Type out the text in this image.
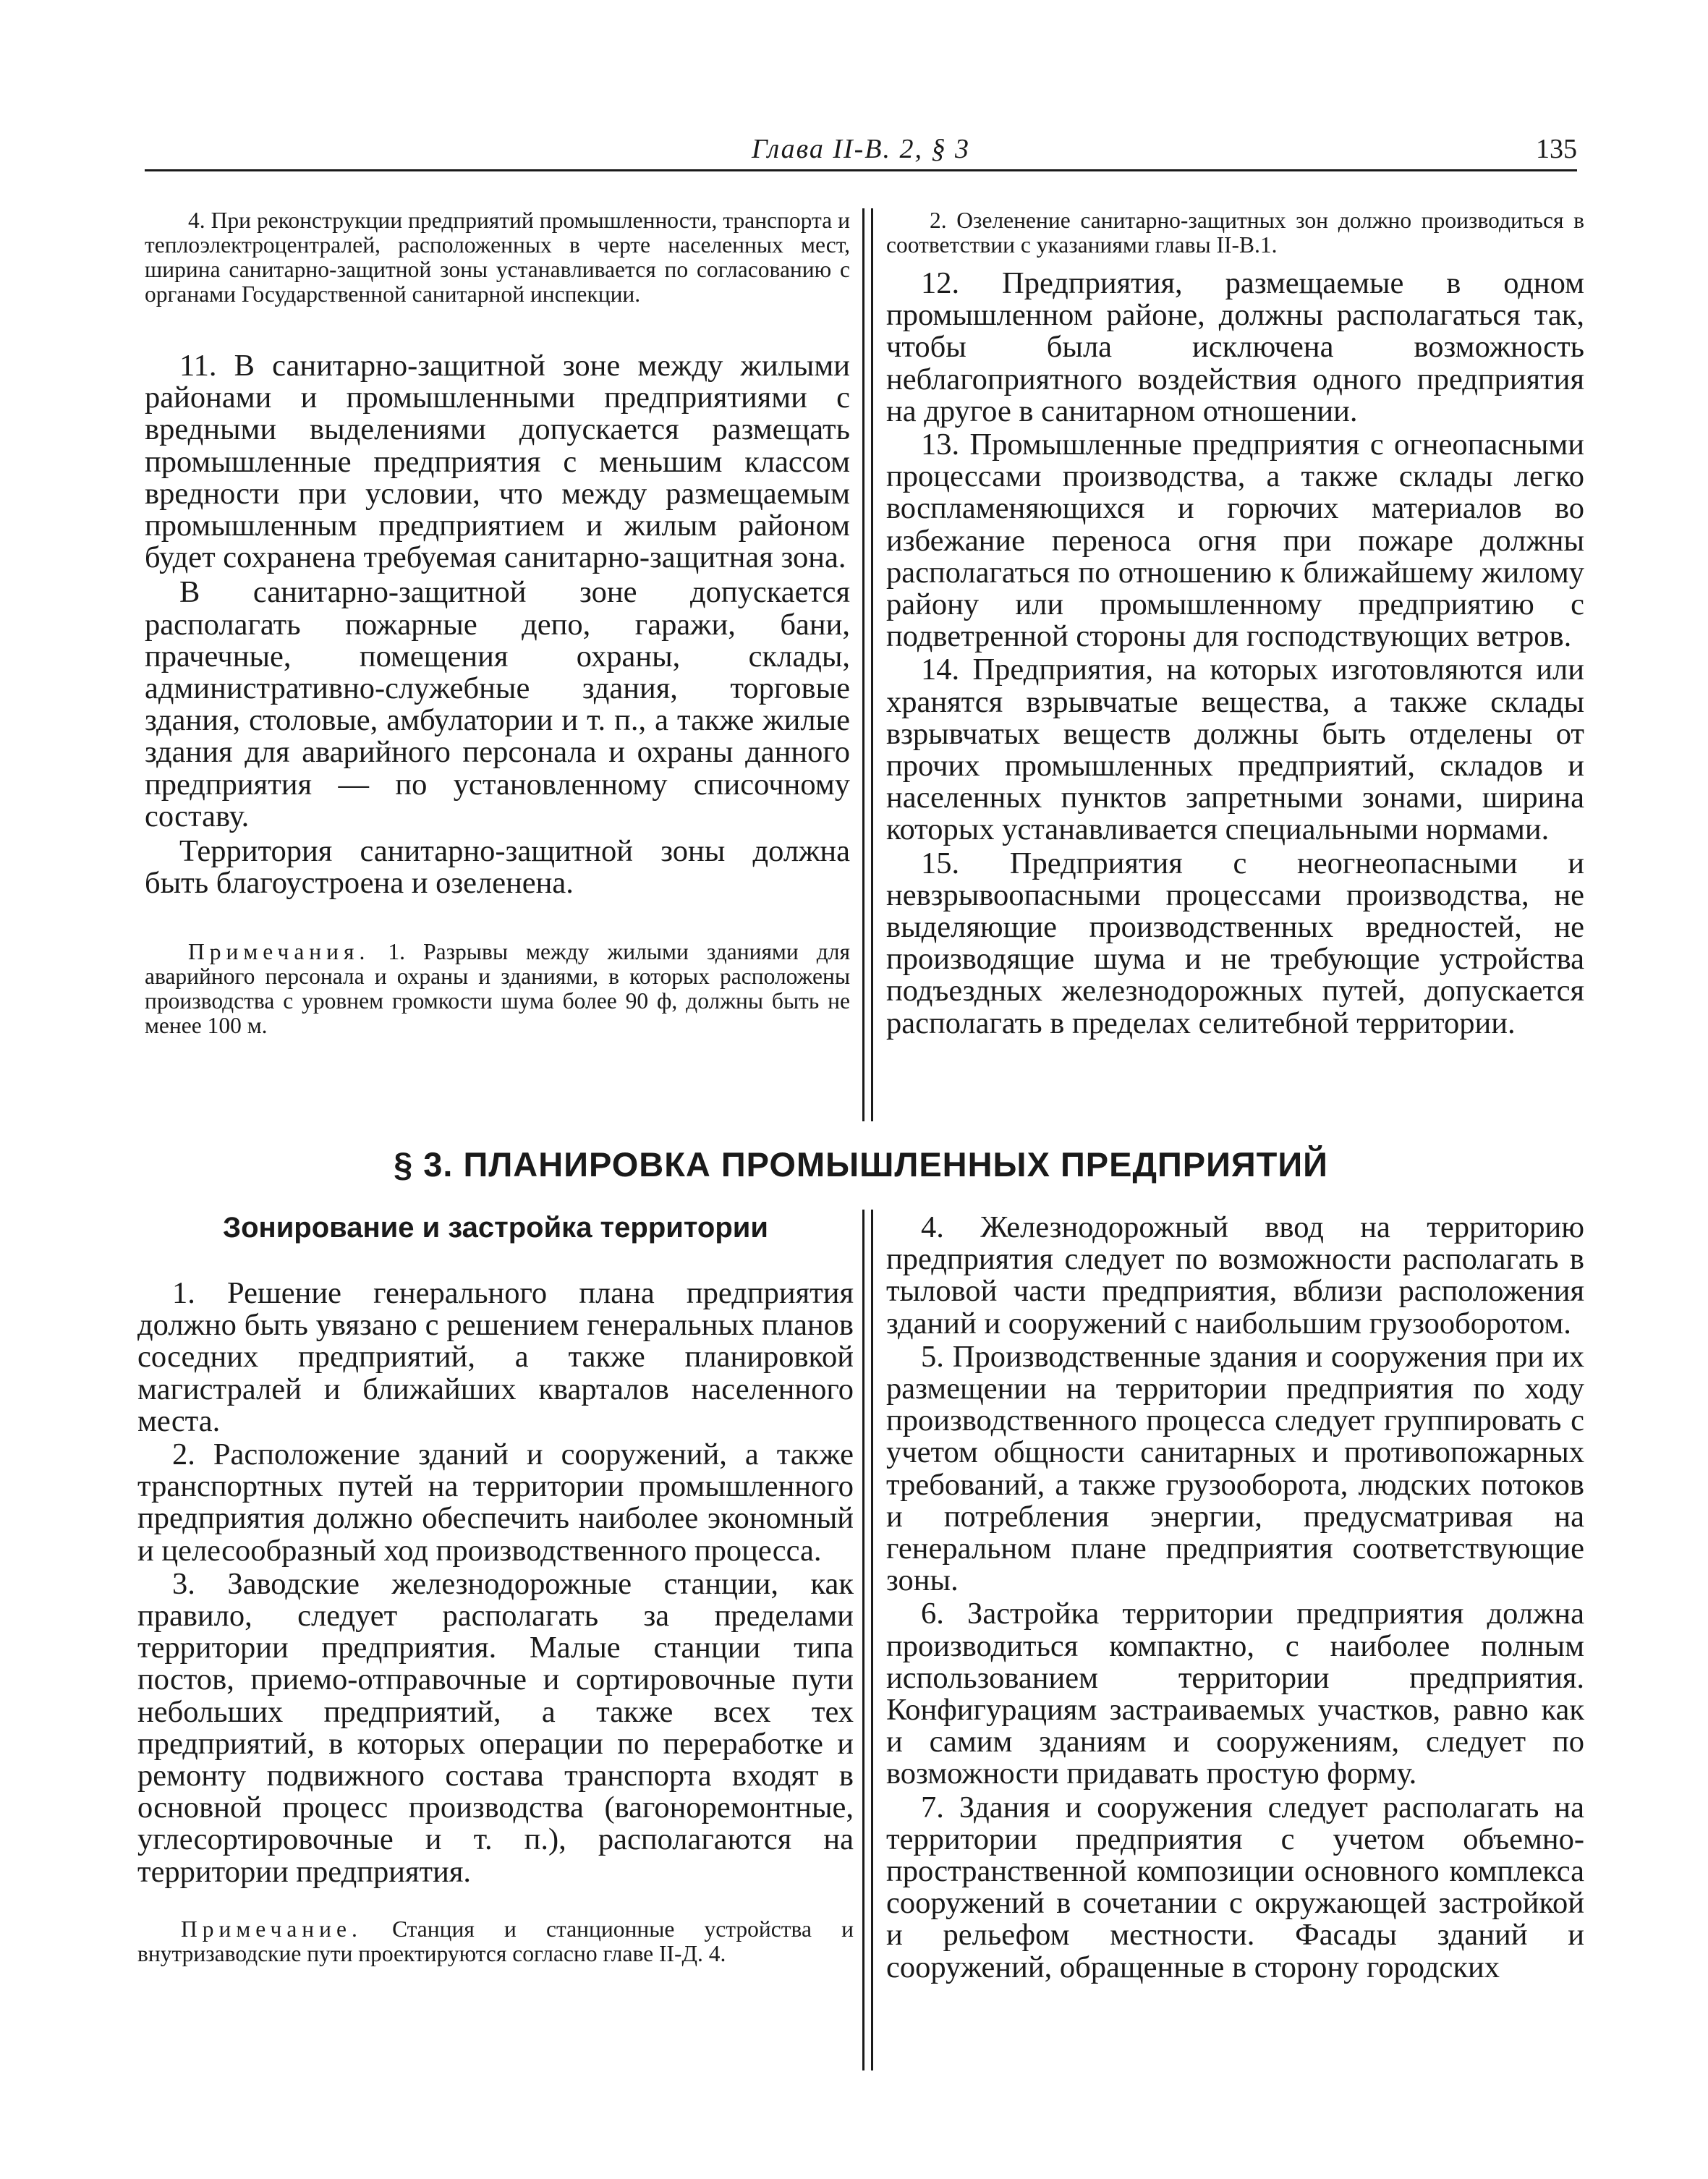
Глава II-В. 2, § 3	135

4. При реконструкции предприятий промышленности, транспорта и теплоэлектроцентралей, расположенных в черте населенных мест, ширина санитарно-защитной зоны устанавливается по согласованию с органами Государственной санитарной инспекции.

11. В санитарно-защитной зоне между жилыми районами и промышленными предприятиями с вредными выделениями допускается размещать промышленные предприятия с меньшим классом вредности при условии, что между размещаемым промышленным предприятием и жилым районом будет сохранена требуемая санитарно-защитная зона.

В санитарно-защитной зоне допускается располагать пожарные депо, гаражи, бани, прачечные, помещения охраны, склады, административно-служебные здания, торговые здания, столовые, амбулатории и т. п., а также жилые здания для аварийного персонала и охраны данного предприятия — по установленному списочному составу.

Территория санитарно-защитной зоны должна быть благоустроена и озеленена.

Примечания. 1. Разрывы между жилыми зданиями для аварийного персонала и охраны и зданиями, в которых расположены производства с уровнем громкости шума более 90 ф, должны быть не менее 100 м.

2. Озеленение санитарно-защитных зон должно производиться в соответствии с указаниями главы II-В.1.

12. Предприятия, размещаемые в одном промышленном районе, должны располагаться так, чтобы была исключена возможность неблагоприятного воздействия одного предприятия на другое в санитарном отношении.

13. Промышленные предприятия с огнеопасными процессами производства, а также склады легко воспламеняющихся и горючих материалов во избежание переноса огня при пожаре должны располагаться по отношению к ближайшему жилому району или промышленному предприятию с подветренной стороны для господствующих ветров.

14. Предприятия, на которых изготовляются или хранятся взрывчатые вещества, а также склады взрывчатых веществ должны быть отделены от прочих промышленных предприятий, складов и населенных пунктов запретными зонами, ширина которых устанавливается специальными нормами.

15. Предприятия с неогнеопасными и невзрывоопасными процессами производства, не выделяющие производственных вредностей, не производящие шума и не требующие устройства подъездных железнодорожных путей, допускается располагать в пределах селитебной территории.

§ 3. ПЛАНИРОВКА ПРОМЫШЛЕННЫХ ПРЕДПРИЯТИЙ
Зонирование и застройка территории

1. Решение генерального плана предприятия должно быть увязано с решением генеральных планов соседних предприятий, а также планировкой магистралей и ближайших кварталов населенного места.

2. Расположение зданий и сооружений, а также транспортных путей на территории промышленного предприятия должно обеспечить наиболее экономный и целесообразный ход производственного процесса.

3. Заводские железнодорожные станции, как правило, следует располагать за пределами территории предприятия. Малые станции типа постов, приемо-отправочные и сортировочные пути небольших предприятий, а также всех тех предприятий, в которых операции по переработке и ремонту подвижного состава транспорта входят в основной процесс производства (вагоноремонтные, углесортировочные и т. п.), располагаются на территории предприятия.

Примечание. Станция и станционные устройства и внутризаводские пути проектируются согласно главе II-Д. 4.

4. Железнодорожный ввод на территорию предприятия следует по возможности располагать в тыловой части предприятия, вблизи расположения зданий и сооружений с наибольшим грузооборотом.

5. Производственные здания и сооружения при их размещении на территории предприятия по ходу производственного процесса следует группировать с учетом общности санитарных и противопожарных требований, а также грузооборота, людских потоков и потребления энергии, предусматривая на генеральном плане предприятия соответствующие зоны.

6. Застройка территории предприятия должна производиться компактно, с наиболее полным использованием территории предприятия. Конфигурациям застраиваемых участков, равно как и самим зданиям и сооружениям, следует по возможности придавать простую форму.

7. Здания и сооружения следует располагать на территории предприятия с учетом объемно-пространственной композиции основного комплекса сооружений в сочетании с окружающей застройкой и рельефом местности. Фасады зданий и сооружений, обращенные в сторону городских
